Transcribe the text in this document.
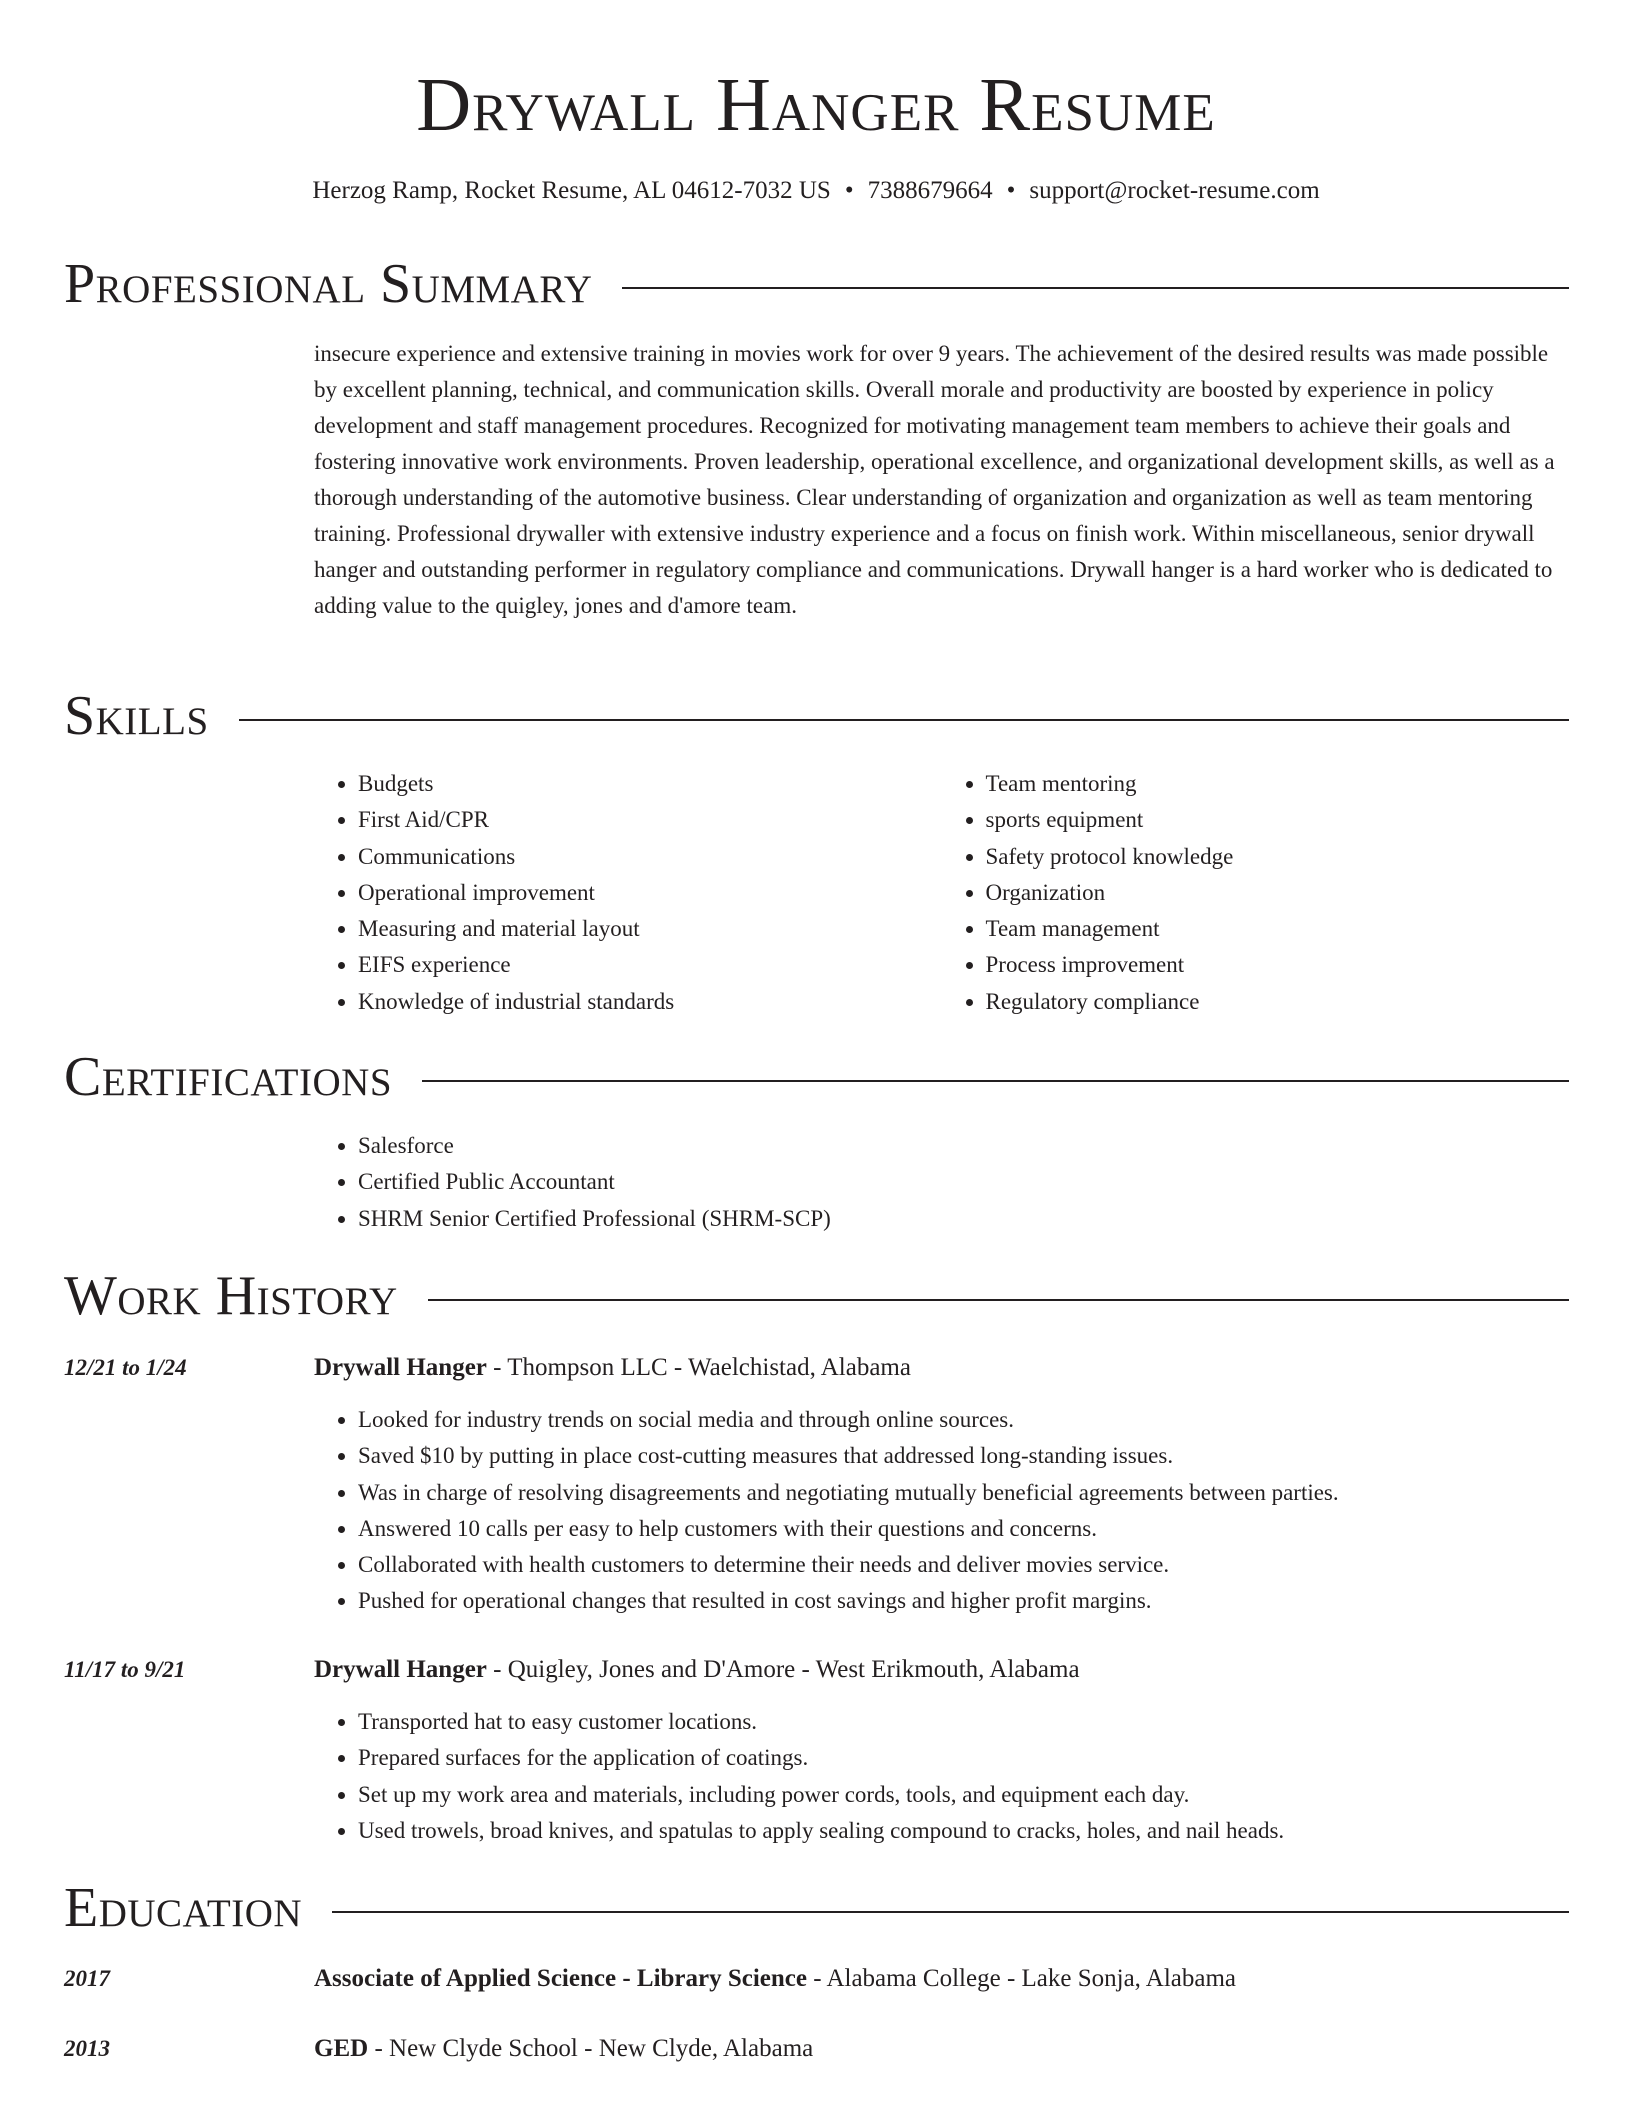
Drywall Hanger Resume
Herzog Ramp, Rocket Resume, AL 04612-7032 US • 7388679664 • support@rocket-resume.com
Professional Summary

insecure experience and extensive training in movies work for over 9 years. The achievement of the desired results was made possible by excellent planning, technical, and communication skills. Overall morale and productivity are boosted by experience in policy development and staff management procedures. Recognized for motivating management team members to achieve their goals and fostering innovative work environments. Proven leadership, operational excellence, and organizational development skills, as well as a thorough understanding of the automotive business. Clear understanding of organization and organization as well as team mentoring training. Professional drywaller with extensive industry experience and a focus on finish work. Within miscellaneous, senior drywall hanger and outstanding performer in regulatory compliance and communications. Drywall hanger is a hard worker who is dedicated to adding value to the quigley, jones and d'amore team.

Skills
• Budgets
• First Aid/CPR
• Communications
• Operational improvement
• Measuring and material layout
• EIFS experience
• Knowledge of industrial standards
• Team mentoring
• sports equipment
• Safety protocol knowledge
• Organization
• Team management
• Process improvement
• Regulatory compliance
Certifications
• Salesforce
• Certified Public Accountant
• SHRM Senior Certified Professional (SHRM-SCP)
Work History
12/21 to 1/24	Drywall Hanger - Thompson LLC - Waelchistad, Alabama
• Looked for industry trends on social media and through online sources.
• Saved $10 by putting in place cost-cutting measures that addressed long-standing issues.
• Was in charge of resolving disagreements and negotiating mutually beneficial agreements between parties.
• Answered 10 calls per easy to help customers with their questions and concerns.
• Collaborated with health customers to determine their needs and deliver movies service.
• Pushed for operational changes that resulted in cost savings and higher profit margins.
11/17 to 9/21	Drywall Hanger - Quigley, Jones and D'Amore - West Erikmouth, Alabama
• Transported hat to easy customer locations.
• Prepared surfaces for the application of coatings.
• Set up my work area and materials, including power cords, tools, and equipment each day.
• Used trowels, broad knives, and spatulas to apply sealing compound to cracks, holes, and nail heads.
Education
2017	Associate of Applied Science - Library Science - Alabama College - Lake Sonja, Alabama
2013	GED - New Clyde School - New Clyde, Alabama
